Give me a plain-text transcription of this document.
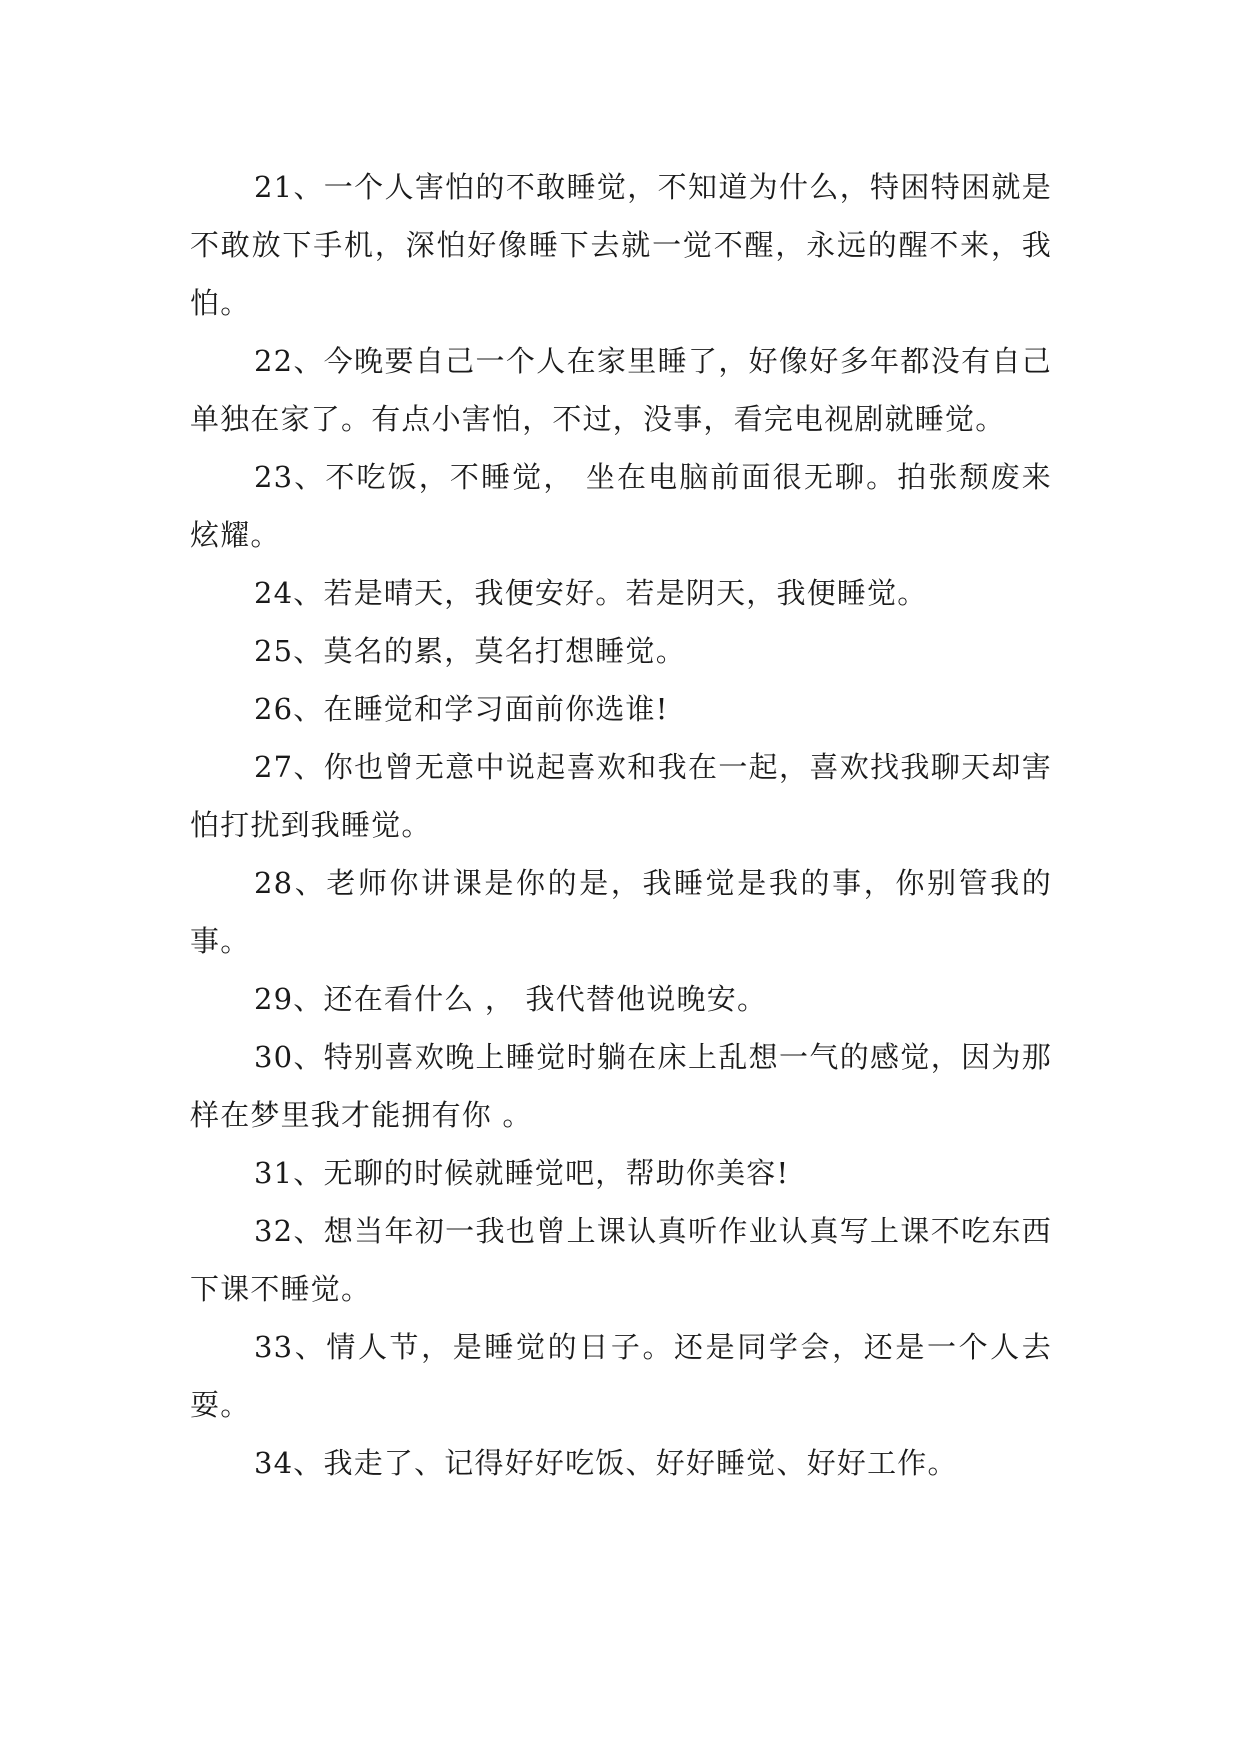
21、一个人害怕的不敢睡觉，不知道为什么，特困特困就是不敢放下手机，深怕好像睡下去就一觉不醒，永远的醒不来，我怕。

22、今晚要自己一个人在家里睡了，好像好多年都没有自己单独在家了。有点小害怕，不过，没事，看完电视剧就睡觉。

23、不吃饭，不睡觉， 坐在电脑前面很无聊。拍张颓废来炫耀。

24、若是晴天，我便安好。若是阴天，我便睡觉。

25、莫名的累，莫名打想睡觉。

26、在睡觉和学习面前你选谁!

27、你也曾无意中说起喜欢和我在一起，喜欢找我聊天却害怕打扰到我睡觉。

28、老师你讲课是你的是，我睡觉是我的事，你别管我的事。

29、还在看什么 ， 我代替他说晚安。

30、特别喜欢晚上睡觉时躺在床上乱想一气的感觉，因为那样在梦里我才能拥有你 。

31、无聊的时候就睡觉吧，帮助你美容!

32、想当年初一我也曾上课认真听作业认真写上课不吃东西下课不睡觉。

33、情人节，是睡觉的日子。还是同学会，还是一个人去耍。

34、我走了、记得好好吃饭、好好睡觉、好好工作。
